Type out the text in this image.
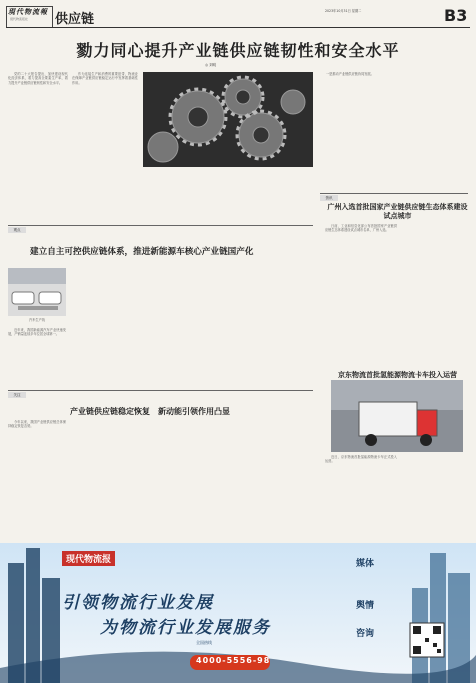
現代物流報
现代物流报社 供应链
2023年10月31日 星期二	B3
勠力同心提升产业链供应链韧性和安全水平
◎ 刘明

党的二十大报告提出，加快建设现代化经济体系，着力提高全要素生产率，着力提升产业链供应链韧性和安全水平。

作为连接生产和消费的重要纽带，物流业在保障产业链供应链稳定运行中发挥着基础性作用。

一是推动产业链供应链协同发展。

资讯
广州入选首批国家产业链供应链生态体系建设试点城市

日前，工业和信息化部公布首批国家产业链供应链生态体系建设试点城市名单，广州入选。

京东物流首批氢能源物流卡车投入运营

近日，京东物流首批氢能源物流卡车正式投入运营。

观点
建立自主可控供应链体系，推进新能源车核心产业链国产化
汽车生产线

近年来，我国新能源汽车产业快速发展，产销量连续多年位居全球第一。

关注
产业链供应链稳定恢复　新动能引领作用凸显

今年以来，我国产业链供应链总体保持稳定恢复态势。

现代物流报
引领物流行业发展
为物流行业发展服务
全国热线
4000-5556-98
媒体
舆情
咨询
